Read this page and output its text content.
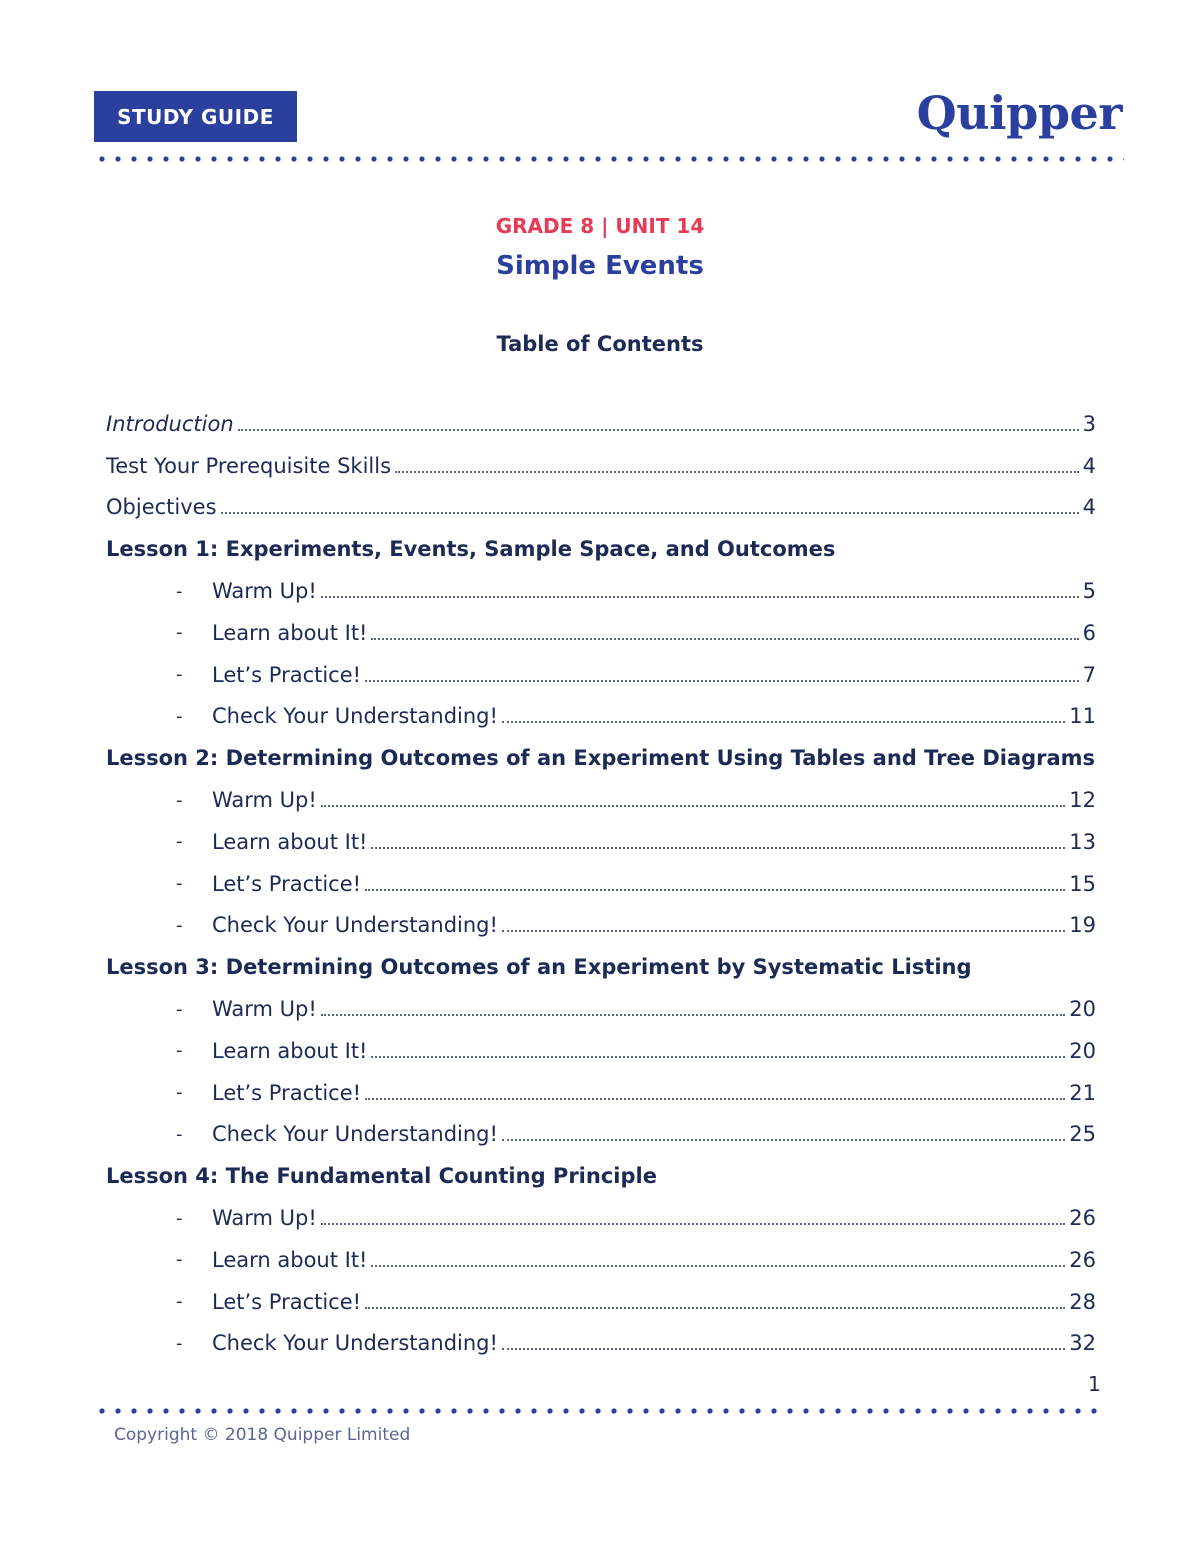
STUDY GUIDE	Quipper
GRADE 8 | UNIT 14
Simple Events
Table of Contents
Introduction	3
Test Your Prerequisite Skills	4
Objectives	4
Lesson 1: Experiments, Events, Sample Space, and Outcomes
- Warm Up!	5
- Learn about It!	6
- Let’s Practice!	7
- Check Your Understanding!	11
Lesson 2: Determining Outcomes of an Experiment Using Tables and Tree Diagrams
- Warm Up!	12
- Learn about It!	13
- Let’s Practice!	15
- Check Your Understanding!	19
Lesson 3: Determining Outcomes of an Experiment by Systematic Listing
- Warm Up!	20
- Learn about It!	20
- Let’s Practice!	21
- Check Your Understanding!	25
Lesson 4: The Fundamental Counting Principle
- Warm Up!	26
- Learn about It!	26
- Let’s Practice!	28
- Check Your Understanding!	32
1
Copyright © 2018 Quipper Limited
